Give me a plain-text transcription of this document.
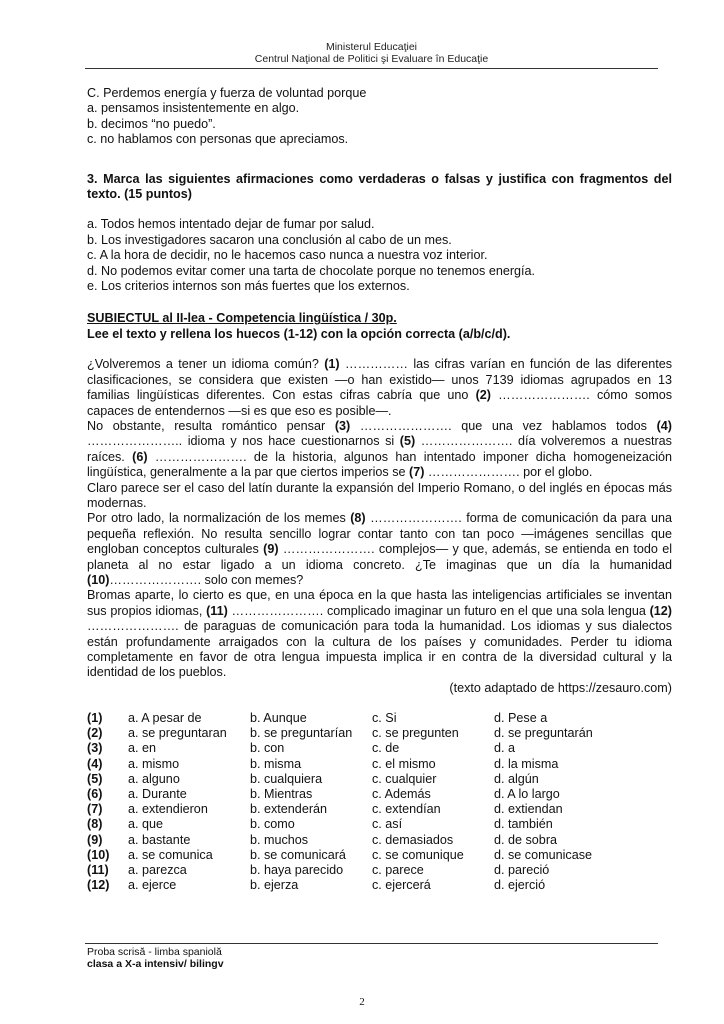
Ministerul Educaţiei
Centrul Naţional de Politici şi Evaluare în Educaţie

C. Perdemos energía y fuerza de voluntad porque

a. pensamos insistentemente en algo.

b. decimos “no puedo”.

c. no hablamos con personas que apreciamos.

3. Marca las siguientes afirmaciones como verdaderas o falsas y justifica con fragmentos del texto. (15 puntos)

a. Todos hemos intentado dejar de fumar por salud.

b. Los investigadores sacaron una conclusión al cabo de un mes.

c. A la hora de decidir, no le hacemos caso nunca a nuestra voz interior.

d. No podemos evitar comer una tarta de chocolate porque no tenemos energía.

e. Los criterios internos son más fuertes que los externos.

SUBIECTUL al II-lea - Competencia lingüística / 30p.

Lee el texto y rellena los huecos (1-12) con la opción correcta (a/b/c/d).

¿Volveremos a tener un idioma común? (1) …………… las cifras varían en función de las diferentes clasificaciones, se considera que existen —o han existido— unos 7139 idiomas agrupados en 13 familias lingüísticas diferentes. Con estas cifras cabría que uno (2) …………………. cómo somos capaces de entendernos —si es que eso es posible—.

No obstante, resulta romántico pensar (3) …………………. que una vez hablamos todos (4) ………………….. idioma y nos hace cuestionarnos si (5) …………………. día volveremos a nuestras raíces. (6) …………………. de la historia, algunos han intentado imponer dicha homogeneización lingüística, generalmente a la par que ciertos imperios se (7) …………………. por el globo.

Claro parece ser el caso del latín durante la expansión del Imperio Romano, o del inglés en épocas más modernas.

Por otro lado, la normalización de los memes (8) …………………. forma de comunicación da para una pequeña reflexión. No resulta sencillo lograr contar tanto con tan poco —imágenes sencillas que engloban conceptos culturales (9) …………………. complejos— y que, además, se entienda en todo el planeta al no estar ligado a un idioma concreto. ¿Te imaginas que un día la humanidad (10)…………………. solo con memes?

Bromas aparte, lo cierto es que, en una época en la que hasta las inteligencias artificiales se inventan sus propios idiomas, (11) …………………. complicado imaginar un futuro en el que una sola lengua (12) …………………. de paraguas de comunicación para toda la humanidad. Los idiomas y sus dialectos están profundamente arraigados con la cultura de los países y comunidades. Perder tu idioma completamente en favor de otra lengua impuesta implica ir en contra de la diversidad cultural y la identidad de los pueblos.

(texto adaptado de https://zesauro.com)

(1)	a. A pesar de	b. Aunque	c. Si	d. Pese a
(2)	a. se preguntaran	b. se preguntarían	c. se pregunten	d. se preguntarán
(3)	a. en	b. con	c. de	d. a
(4)	a. mismo	b. misma	c. el mismo	d. la misma
(5)	a. alguno	b. cualquiera	c. cualquier	d. algún
(6)	a. Durante	b. Mientras	c. Además	d. A lo largo
(7)	a. extendieron	b. extenderán	c. extendían	d. extiendan
(8)	a. que	b. como	c. así	d. también
(9)	a. bastante	b. muchos	c. demasiados	d. de sobra
(10)	a. se comunica	b. se comunicará	c. se comunique	d. se comunicase
(11)	a. parezca	b. haya parecido	c. parece	d. pareció
(12)	a. ejerce	b. ejerza	c. ejercerá	d. ejerció
Proba scrisă - limba spaniolă
clasa a X-a intensiv/ bilingv
2
